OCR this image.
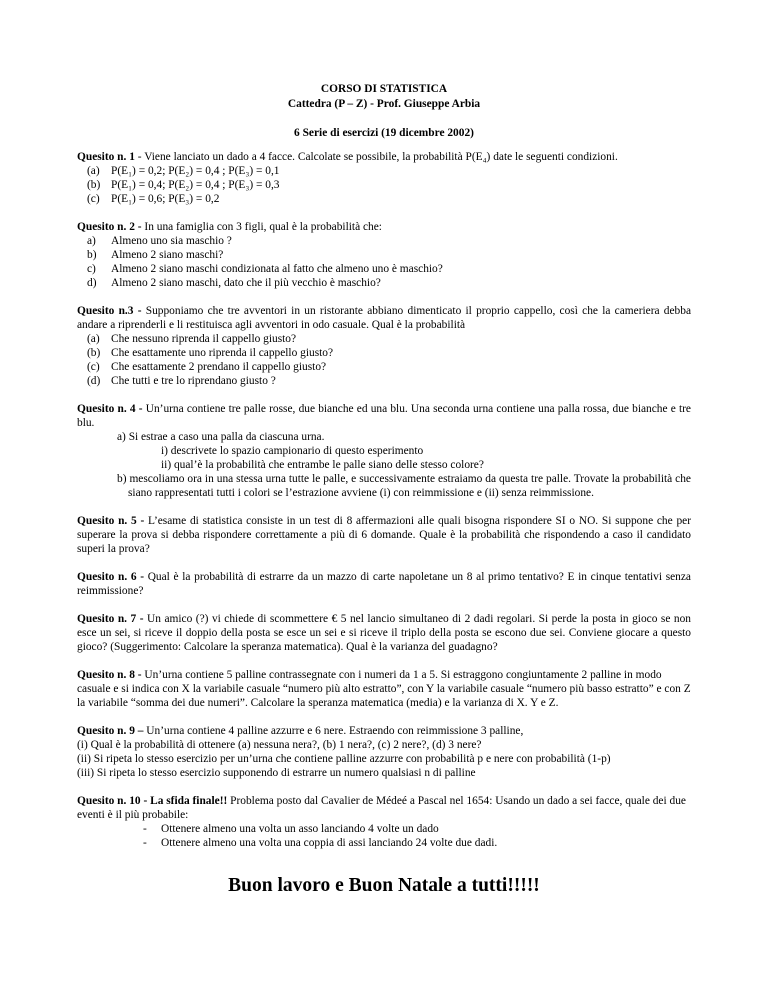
CORSO DI STATISTICA
Cattedra (P – Z) - Prof. Giuseppe Arbia
6 Serie di esercizi (19 dicembre 2002)
Quesito n. 1 - Viene lanciato un dado a 4 facce. Calcolate se possibile, la probabilità P(E₄) date le seguenti condizioni.
(a) P(E₁) = 0,2; P(E₂) = 0,4 ; P(E₃) = 0,1
(b) P(E₁) = 0,4; P(E₂) = 0,4 ; P(E₃) = 0,3
(c) P(E₁) = 0,6; P(E₃) = 0,2
Quesito n. 2 - In una famiglia con 3 figli, qual è la probabilità che:
a)	Almeno uno sia maschio ?
b)	Almeno 2 siano maschi?
c)	Almeno 2 siano maschi condizionata al fatto che almeno uno è maschio?
d)	Almeno 2 siano maschi, dato che il più vecchio è maschio?
Quesito n.3 - Supponiamo che tre avventori in un ristorante abbiano dimenticato il proprio cappello, così che la cameriera debba andare a riprenderli e li restituisca agli avventori in odo casuale. Qual è la probabilità
(a) Che nessuno riprenda il cappello giusto?
(b) Che esattamente uno riprenda il cappello giusto?
(c) Che esattamente 2 prendano il cappello giusto?
(d) Che tutti e tre lo riprendano giusto ?
Quesito n. 4 - Un’urna contiene tre palle rosse, due bianche ed una blu. Una seconda urna contiene una palla rossa, due bianche e tre blu.
a) Si estrae a caso una palla da ciascuna urna.
i) descrivete lo spazio campionario di questo esperimento
ii) qual’è la probabilità che entrambe le palle siano delle stesso colore?
b) mescoliamo ora in una stessa urna tutte le palle, e successivamente estraiamo da questa tre palle. Trovate la probabilità che siano rappresentati tutti i colori se l’estrazione avviene (i) con reimmissione e (ii) senza reimmissione.
Quesito n. 5 - L’esame di statistica consiste in un test di 8 affermazioni alle quali bisogna rispondere SI o NO. Si suppone che per superare la prova si debba rispondere correttamente a più di 6 domande. Quale è la probabilità che rispondendo a caso il candidato superi la prova?
Quesito n. 6 - Qual è la probabilità di estrarre da un mazzo di carte napoletane un 8 al primo tentativo? E in cinque tentativi senza reimmissione?
Quesito n. 7 - Un amico (?) vi chiede di scommettere € 5 nel lancio simultaneo di 2 dadi regolari. Si perde la posta in gioco se non esce un sei, si riceve il doppio della posta se esce un sei e si riceve il triplo della posta se escono due sei. Conviene giocare a questo gioco? (Suggerimento: Calcolare la speranza matematica). Qual è la varianza del guadagno?
Quesito n. 8 - Un’urna contiene 5 palline contrassegnate con i numeri da 1 a 5. Si estraggono congiuntamente 2 palline in modo casuale e si indica con X la variabile casuale “numero più alto estratto”, con Y la variabile casuale “numero più basso estratto” e con Z la variabile “somma dei due numeri”. Calcolare la speranza matematica (media) e la varianza di X. Y e Z.
Quesito n. 9 – Un’urna contiene 4 palline azzurre e 6 nere. Estraendo con reimmissione 3 palline,
(i) Qual è la probabilità di ottenere (a) nessuna nera?, (b) 1 nera?, (c) 2 nere?, (d) 3 nere?
(ii) Si ripeta lo stesso esercizio per un’urna che contiene palline azzurre con probabilità p e nere con probabilità (1-p)
(iii) Si ripeta lo stesso esercizio supponendo di estrarre un numero qualsiasi n di palline
Quesito n. 10 - La sfida finale!! Problema posto dal Cavalier de Médeé a Pascal nel 1654: Usando un dado a sei facce, quale dei due eventi è il più probabile:
-	Ottenere almeno una volta un asso lanciando 4 volte un dado
-	Ottenere almeno una volta una coppia di assi lanciando 24 volte due dadi.
Buon lavoro e Buon Natale a tutti!!!!!
